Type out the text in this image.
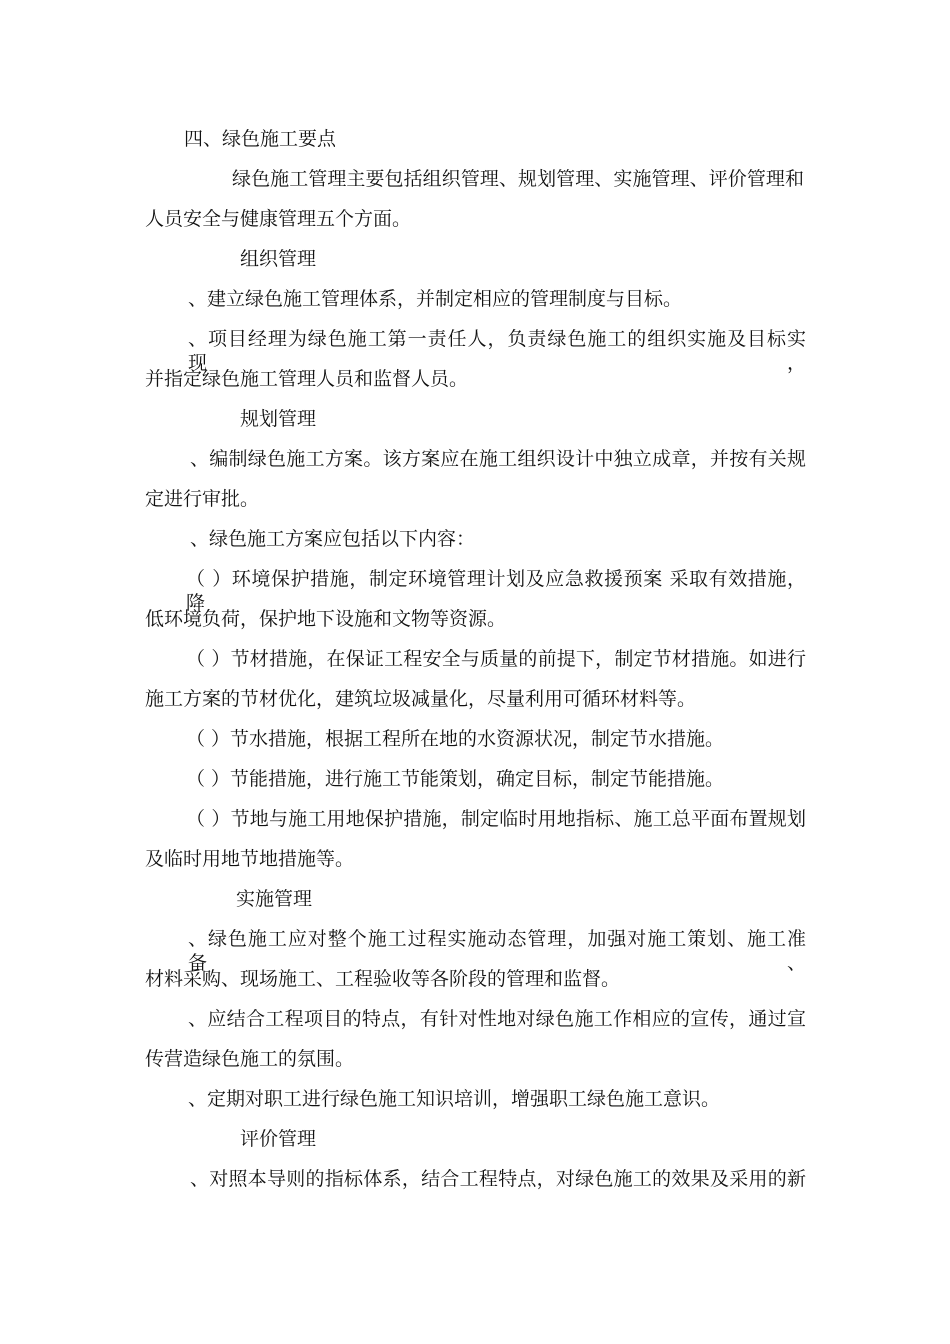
四、绿色施工要点

绿色施工管理主要包括组织管理、规划管理、实施管理、评价管理和

人员安全与健康管理五个方面。

组织管理

、建立绿色施工管理体系，并制定相应的管理制度与目标。

、项目经理为绿色施工第一责任人，负责绿色施工的组织实施及目标实现，

并指定绿色施工管理人员和监督人员。

规划管理

、编制绿色施工方案。该方案应在施工组织设计中独立成章，并按有关规

定进行审批。

、绿色施工方案应包括以下内容：

（ ）环境保护措施，制定环境管理计划及应急救援预案 采取有效措施，降

低环境负荷，保护地下设施和文物等资源。

（ ）节材措施，在保证工程安全与质量的前提下，制定节材措施。如进行

施工方案的节材优化，建筑垃圾减量化，尽量利用可循环材料等。

（ ）节水措施，根据工程所在地的水资源状况，制定节水措施。

（ ）节能措施，进行施工节能策划，确定目标，制定节能措施。

（ ）节地与施工用地保护措施，制定临时用地指标、施工总平面布置规划

及临时用地节地措施等。

实施管理

、绿色施工应对整个施工过程实施动态管理，加强对施工策划、施工准备、

材料采购、现场施工、工程验收等各阶段的管理和监督。

、应结合工程项目的特点，有针对性地对绿色施工作相应的宣传，通过宣

传营造绿色施工的氛围。

、定期对职工进行绿色施工知识培训，增强职工绿色施工意识。

评价管理

、对照本导则的指标体系，结合工程特点，对绿色施工的效果及采用的新
